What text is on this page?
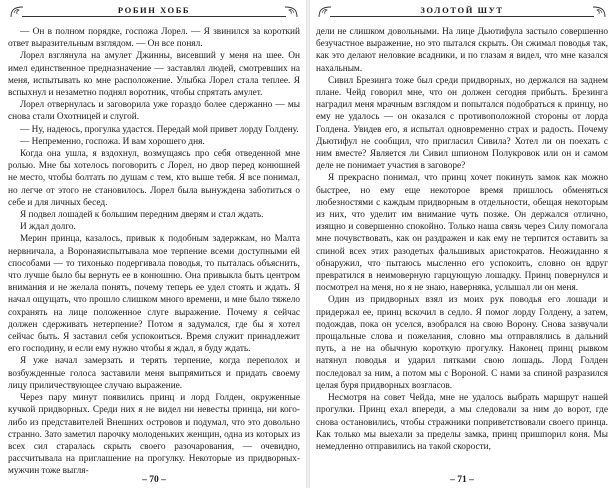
РОБИН ХОББ

— Он в полном порядке, госпожа Лорел. — Я звинился за короткий ответ выразительным взглядом. — Он все понял.

Лорел взглянула на амулет Джинны, висевший у меня на шее. Он имел единственное предназначение — заставлял людей, смотревших на меня, испытывать ко мне расположение. Улыбка Лорел стала теплее. Я вспыхнул и незаметно поднял воротник, чтобы спрятать амулет.

Лорел отвернулась и заговорила уже гораздо более сдержанно — мы снова стали Охотницей и слугой.

— Ну, надеюсь, прогулка удастся. Передай мой привет лорду Голдену.

— Непременно, госпожа. И вам хорошего дня.

Когда она ушла, я вздохнул, возмущаясь про себя отведенной мне ролью. Мне бы хотелось поговорить с Лорел, но двор перед конюшней не место, чтобы болтать по душам с тем, кто выше тебя. Я все понимал, но легче от этого не становилось. Лорел была вынуждена заботиться о себе и для личных бесед.

Я подвел лошадей к большим передним дверям и стал ждать.

И ждал долго.

Мерин принца, казалось, привык к подобным задержкам, но Малта нервничала, а Воронаяиспытывала мое терпение всеми доступными ей способами — то тихонько подергивала поводья, то пыталась объяснить, что лучше было бы вернуть ее в конюшню. Она привыкла быть центром внимания и не желала понять, почему теперь ее удел стоять и ждать. Я начал ощущать, что прошло слишком много времени, и мне было тяжело сохранять на лице положенное слуге выражение. Почему я сейчас должен сдерживать нетерпение? Потом я задумался, где бы я хотел сейчас быть. Я заставил себя успокоиться. Время служит принадлежит его господину, и если ему нужно чтобы я ждал, я буду ждать.

Я уже начал замерзать и терять терпение, когда переполох и возбужденные голоса заставили меня выпрямиться и придать своему лицу приличествующее случаю выражение.

Через пару минут появились принц и лорд Голден, окруженные кучкой придворных. Среди них я не видел ни невесты принца, ни кого-либо из представителей Внешних островов и подумал, что это довольно странно. Зато заметил парочку молоденьких женщин, одна из которых из всех сил старалась скрыть своего разочарования, — очевидно, рассчитывала на приглашение на прогулку. Некоторые из придворных-мужчин тоже выгля-

– 70 –
ЗОЛОТОЙ ШУТ

дели не слишком довольными. На лице Дьютифула застыло совершенно безучастное выражение, но это пытался скрыть. Он сжимал поводья так, как это делают неловкие всадники, и по глазам я видел, что мне казался нахальным.

Сивил Брезинга тоже был среди придворных, но держался на заднем плане. Чейд говорил мне, что он должен сегодня прибыть. Брезинга наградил меня мрачным взглядом и попытался подобраться к принцу, но ему не удалось — он оказался с противоположной стороны от лорда Голдена. Увидев его, я испытал одновременно страх и радость. Почему Дьютифул не сообщил, что пригласил Сивила? Хотел ли он поехать с ним вместе? Является ли Сивил шпионом Полукровок или он и самом деле не понимает участия в заговоре?

Я прекрасно понимал, что принц хочет покинуть замок как можно быстрее, но ему еще некоторое время пришлось обменяться любезностями с каждым придворным в отдельности, обещая некоторым из них, что уделит им внимание чуть позже. Он держался отлично, изящно и совершенно спокойно. Только наша связь через Силу помогала мне почувствовать, как он раздражен и как ему не терпится оставить за спиной всех этих разодетых фальшивых аристократов. Неожиданно я обнаружил, что пытаюсь мысленно его успокоить, словно он вдруг превратился в неимоверную гарцующую лошадку. Принц повернулся и посмотрел на меня, но я не знаю, наверняка, услышал ли он меня.

Один из придворных взял из моих рук поводья его лошади и придержал ее, принц вскочил в седло. Я помог лорду Голдену, а затем, подождав, пока он уселся, взобрался на свою Ворону. Снова зазвучали прощальные слова и пожелания, словно мы отправлялись в дальний путь, а не на обычную короткую прогулку. Наконец принц рывком натянул поводья и ударил пятками свою лошадь. Лорд Голден последовал за ним, а потом мы с Вороной. С нами за спиной разразился целая буря придворных возгласов.

Несмотря на совет Чейда, мне не удалось выбрать маршрут нашей прогулки. Принц ехал впереди, а мы следовали за ним до ворот, где снова остановились, чтобы стражники поприветствовали своего принца. Как только мы выехали за пределы замка, принц пришпорил коня. Мы немедленно отправились на такой скорости,

– 71 –
